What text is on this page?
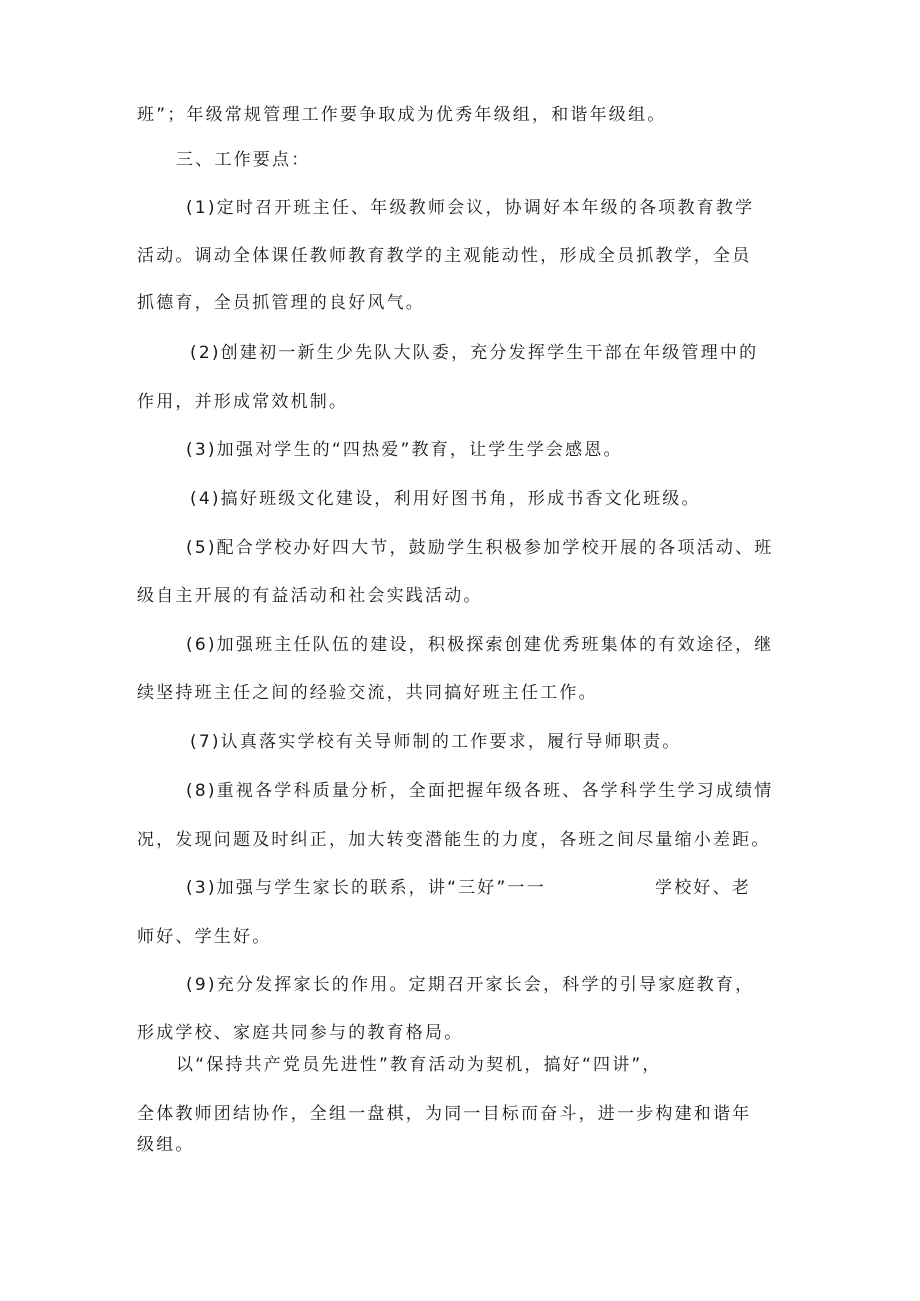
班”；年级常规管理工作要争取成为优秀年级组，和谐年级组。
三、工作要点：
(1)定时召开班主任、年级教师会议，协调好本年级的各项教育教学
活动。调动全体课任教师教育教学的主观能动性，形成全员抓教学，全员
抓德育，全员抓管理的良好风气。
(2)创建初一新生少先队大队委，充分发挥学生干部在年级管理中的
作用，并形成常效机制。
(3)加强对学生的“四热爱”教育，让学生学会感恩。
(4)搞好班级文化建设，利用好图书角，形成书香文化班级。
(5)配合学校办好四大节，鼓励学生积极参加学校开展的各项活动、班
级自主开展的有益活动和社会实践活动。
(6)加强班主任队伍的建设，积极探索创建优秀班集体的有效途径，继
续坚持班主任之间的经验交流，共同搞好班主任工作。
(7)认真落实学校有关导师制的工作要求，履行导师职责。
(8)重视各学科质量分析，全面把握年级各班、各学科学生学习成绩情
况，发现问题及时纠正，加大转变潜能生的力度，各班之间尽量缩小差距。
(3)加强与学生家长的联系，讲“三好”一一	学校好、老
师好、学生好。
(9)充分发挥家长的作用。定期召开家长会，科学的引导家庭教育，
形成学校、家庭共同参与的教育格局。
以“保持共产党员先进性”教育活动为契机，搞好“四讲”，
全体教师团结协作，全组一盘棋，为同一目标而奋斗，进一步构建和谐年
级组。
